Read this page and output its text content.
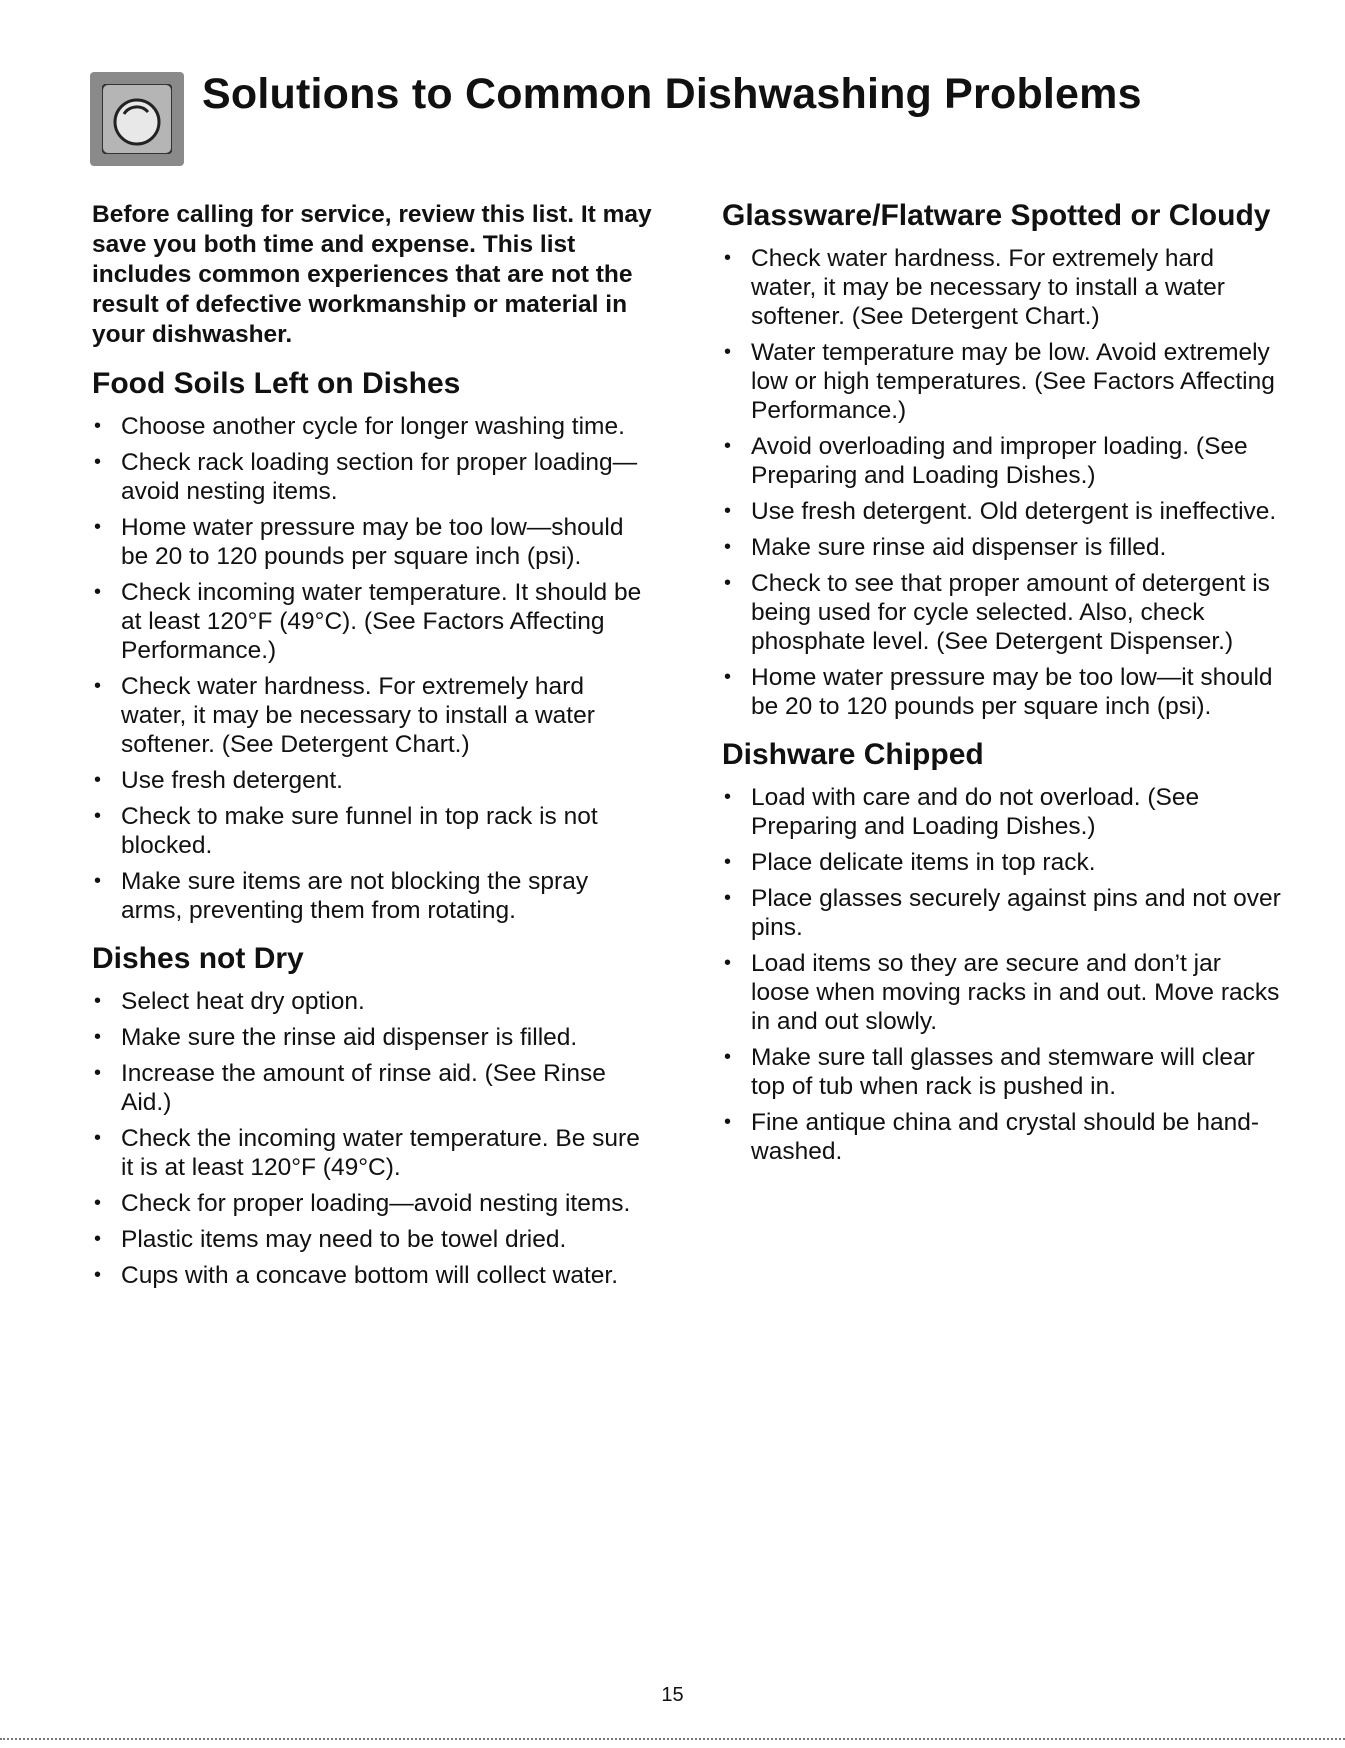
Solutions to Common Dishwashing Problems

Before calling for service, review this list. It may save you both time and expense. This list includes common experiences that are not the result of defective workmanship or material in your dishwasher.

Food Soils Left on Dishes
• Choose another cycle for longer washing time.
• Check rack loading section for proper loading—avoid nesting items.
• Home water pressure may be too low—should be 20 to 120 pounds per square inch (psi).
• Check incoming water temperature. It should be at least 120°F (49°C). (See Factors Affecting Performance.)
• Check water hardness. For extremely hard water, it may be necessary to install a water softener. (See Detergent Chart.)
• Use fresh detergent.
• Check to make sure funnel in top rack is not blocked.
• Make sure items are not blocking the spray arms, preventing them from rotating.
Dishes not Dry
• Select heat dry option.
• Make sure the rinse aid dispenser is filled.
• Increase the amount of rinse aid. (See Rinse Aid.)
• Check the incoming water temperature. Be sure it is at least 120°F (49°C).
• Check for proper loading—avoid nesting items.
• Plastic items may need to be towel dried.
• Cups with a concave bottom will collect water.
Glassware/Flatware Spotted or Cloudy
• Check water hardness. For extremely hard water, it may be necessary to install a water softener. (See Detergent Chart.)
• Water temperature may be low. Avoid extremely low or high temperatures. (See Factors Affecting Performance.)
• Avoid overloading and improper loading. (See Preparing and Loading Dishes.)
• Use fresh detergent. Old detergent is ineffective.
• Make sure rinse aid dispenser is filled.
• Check to see that proper amount of detergent is being used for cycle selected. Also, check phosphate level. (See Detergent Dispenser.)
• Home water pressure may be too low—it should be 20 to 120 pounds per square inch (psi).
Dishware Chipped
• Load with care and do not overload. (See Preparing and Loading Dishes.)
• Place delicate items in top rack.
• Place glasses securely against pins and not over pins.
• Load items so they are secure and don’t jar loose when moving racks in and out. Move racks in and out slowly.
• Make sure tall glasses and stemware will clear top of tub when rack is pushed in.
• Fine antique china and crystal should be hand-washed.
15
